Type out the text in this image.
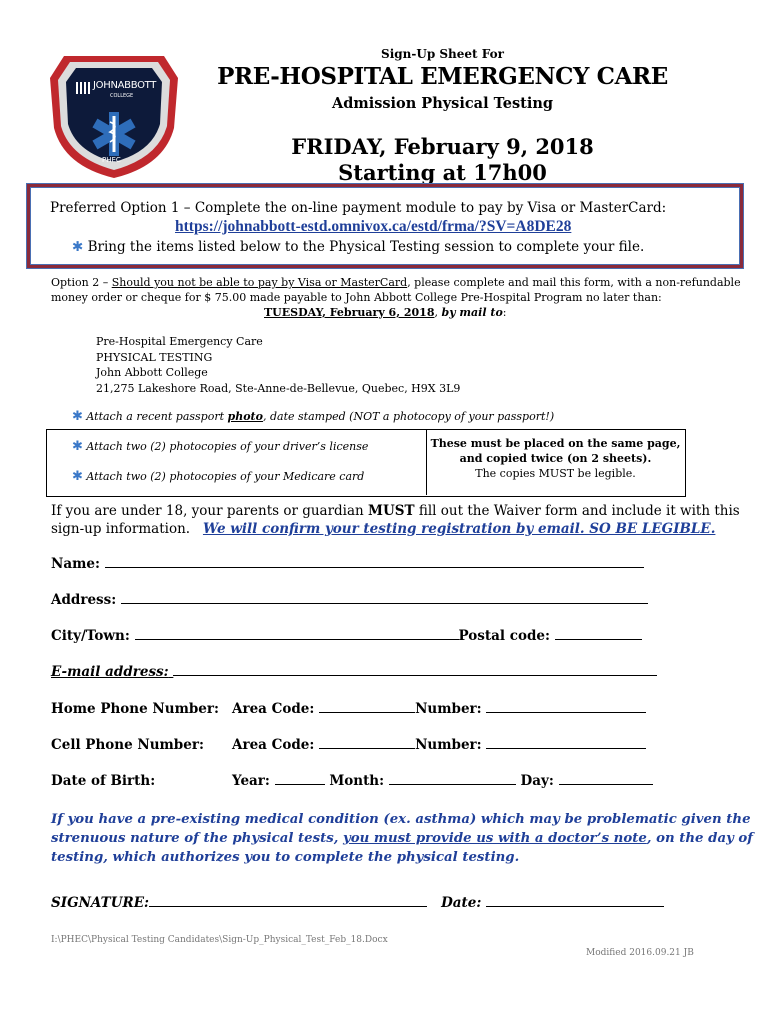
JOHNABBOTT
COLLEGE
PHEC
Sign-Up Sheet For
PRE-HOSPITAL EMERGENCY CARE
Admission Physical Testing
FRIDAY, February 9, 2018
Starting at 17h00
Preferred Option 1 – Complete the on-line payment module to pay by Visa or MasterCard:
https://johnabbott-estd.omnivox.ca/estd/frma/?SV=A8DE28
✱ Bring the items listed below to the Physical Testing session to complete your file.
Option 2 – Should you not be able to pay by Visa or MasterCard, please complete and mail this form, with a non-refundable
money order or cheque for $ 75.00 made payable to John Abbott College Pre-Hospital Program no later than:
TUESDAY, February 6, 2018, by mail to:
Pre-Hospital Emergency Care
PHYSICAL TESTING
John Abbott College
21,275 Lakeshore Road, Ste-Anne-de-Bellevue, Quebec, H9X 3L9
✱ Attach a recent passport photo, date stamped (NOT a photocopy of your passport!)
✱ Attach two (2) photocopies of your driver’s license
✱ Attach two (2) photocopies of your Medicare card
These must be placed on the same page,
and copied twice (on 2 sheets).
The copies MUST be legible.
If you are under 18, your parents or guardian MUST fill out the Waiver form and include it with this
sign-up information. We will confirm your testing registration by email. SO BE LEGIBLE.
Name:
Address:
City/Town:	Postal code:
E-mail address:
Home Phone Number: Area Code:	Number:
Cell Phone Number: Area Code:	Number:
Date of Birth:	Year:	Month:	Day:
If you have a pre-existing medical condition (ex. asthma) which may be problematic given the
strenuous nature of the physical tests, you must provide us with a doctor’s note, on the day of
testing, which authorizes you to complete the physical testing.
SIGNATURE:	Date:
I:\PHEC\Physical Testing Candidates\Sign-Up_Physical_Test_Feb_18.Docx
Modified 2016.09.21 JB
